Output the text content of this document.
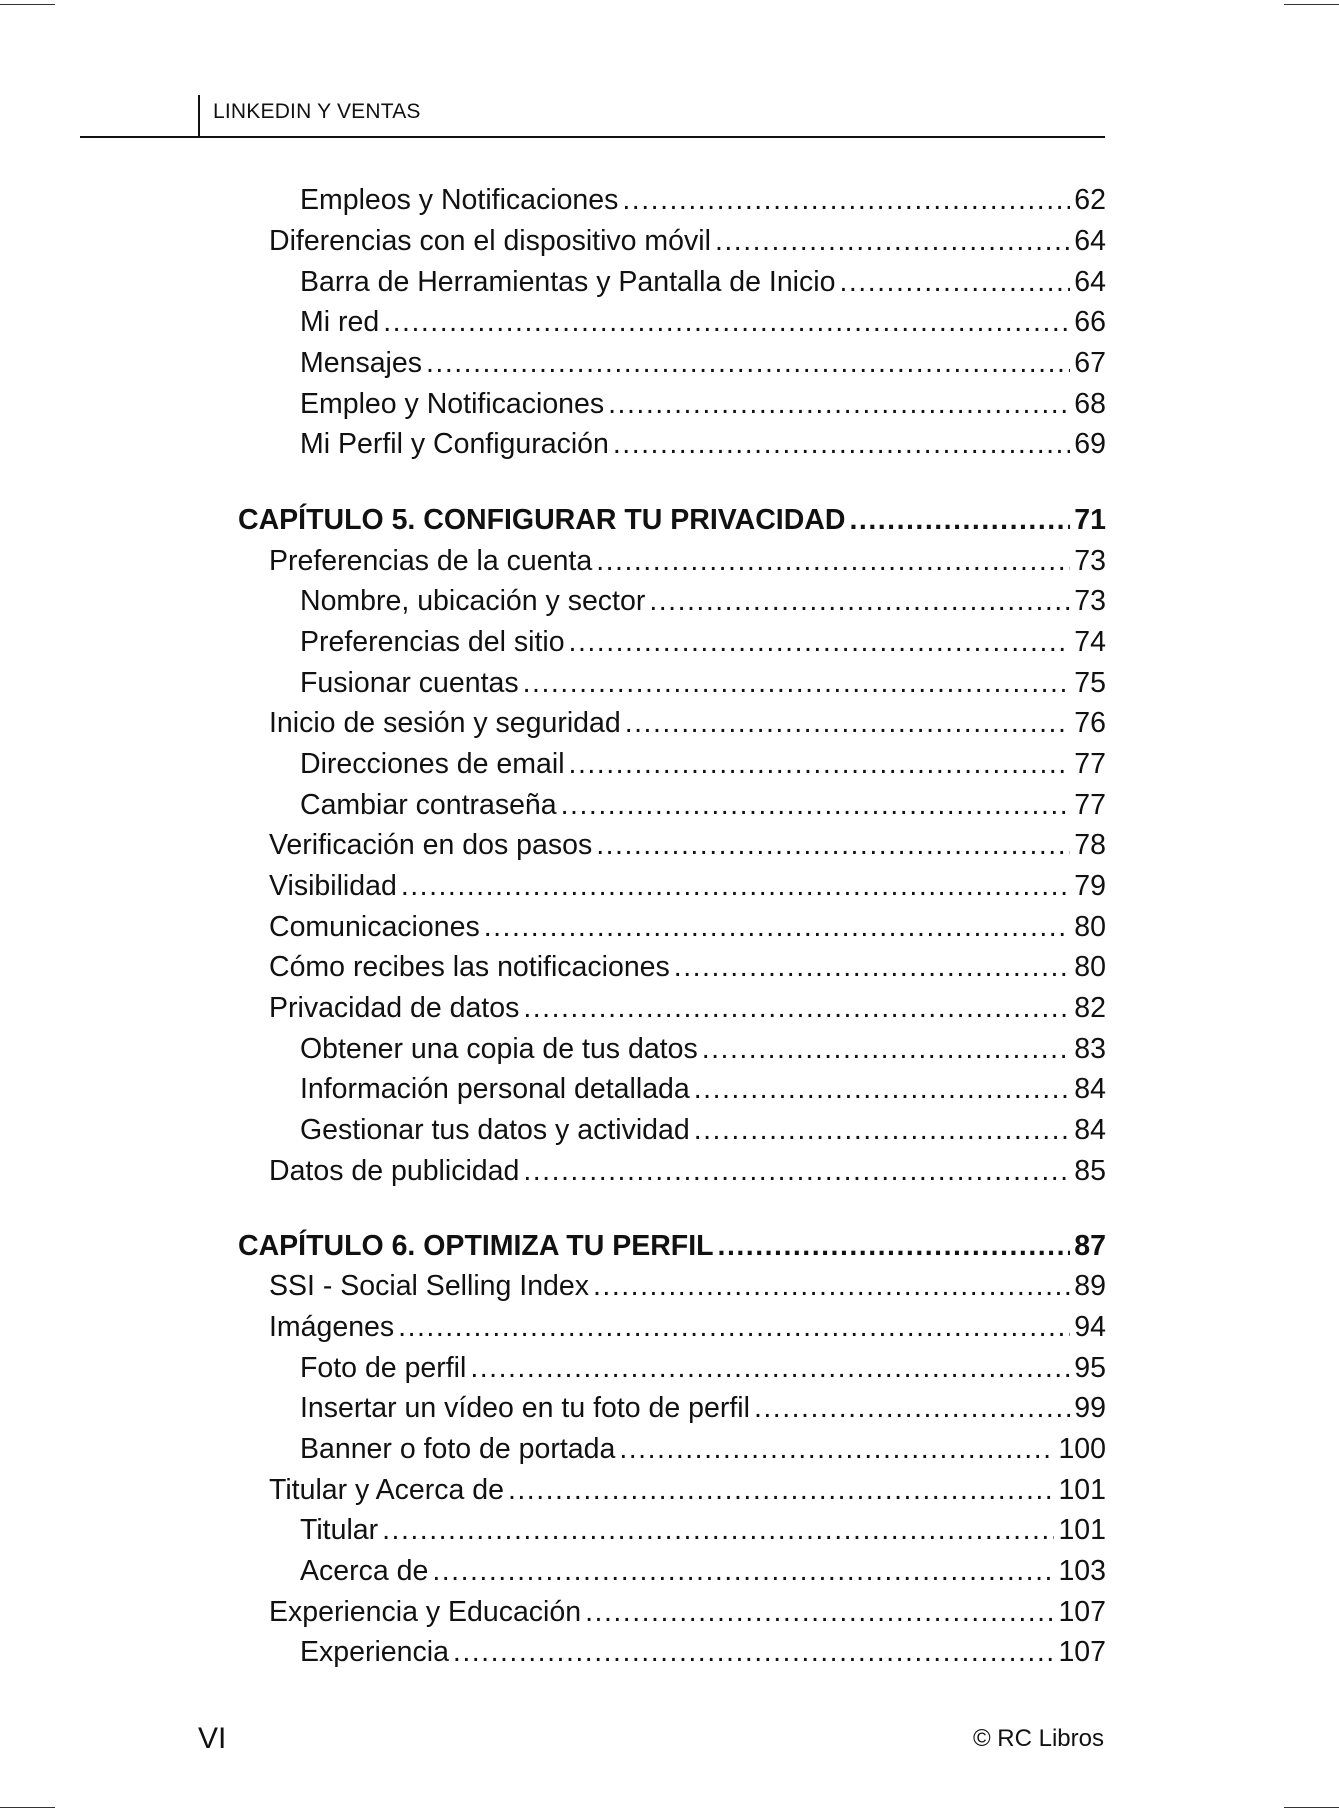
LINKEDIN Y VENTAS
Empleos y Notificaciones .....	62
Diferencias con el dispositivo móvil .....	64
Barra de Herramientas y Pantalla de Inicio .....	64
Mi red .....	66
Mensajes .....	67
Empleo y Notificaciones .....	68
Mi Perfil y Configuración .....	69
CAPÍTULO 5. CONFIGURAR TU PRIVACIDAD .....	71
Preferencias de la cuenta .....	73
Nombre, ubicación y sector .....	73
Preferencias del sitio .....	74
Fusionar cuentas .....	75
Inicio de sesión y seguridad .....	76
Direcciones de email .....	77
Cambiar contraseña .....	77
Verificación en dos pasos .....	78
Visibilidad .....	79
Comunicaciones .....	80
Cómo recibes las notificaciones .....	80
Privacidad de datos .....	82
Obtener una copia de tus datos .....	83
Información personal detallada .....	84
Gestionar tus datos y actividad .....	84
Datos de publicidad .....	85
CAPÍTULO 6. OPTIMIZA TU PERFIL .....	87
SSI - Social Selling Index .....	89
Imágenes .....	94
Foto de perfil .....	95
Insertar un vídeo en tu foto de perfil .....	99
Banner o foto de portada .....	100
Titular y Acerca de .....	101
Titular .....	101
Acerca de .....	103
Experiencia y Educación .....	107
Experiencia .....	107
VI	© RC Libros
